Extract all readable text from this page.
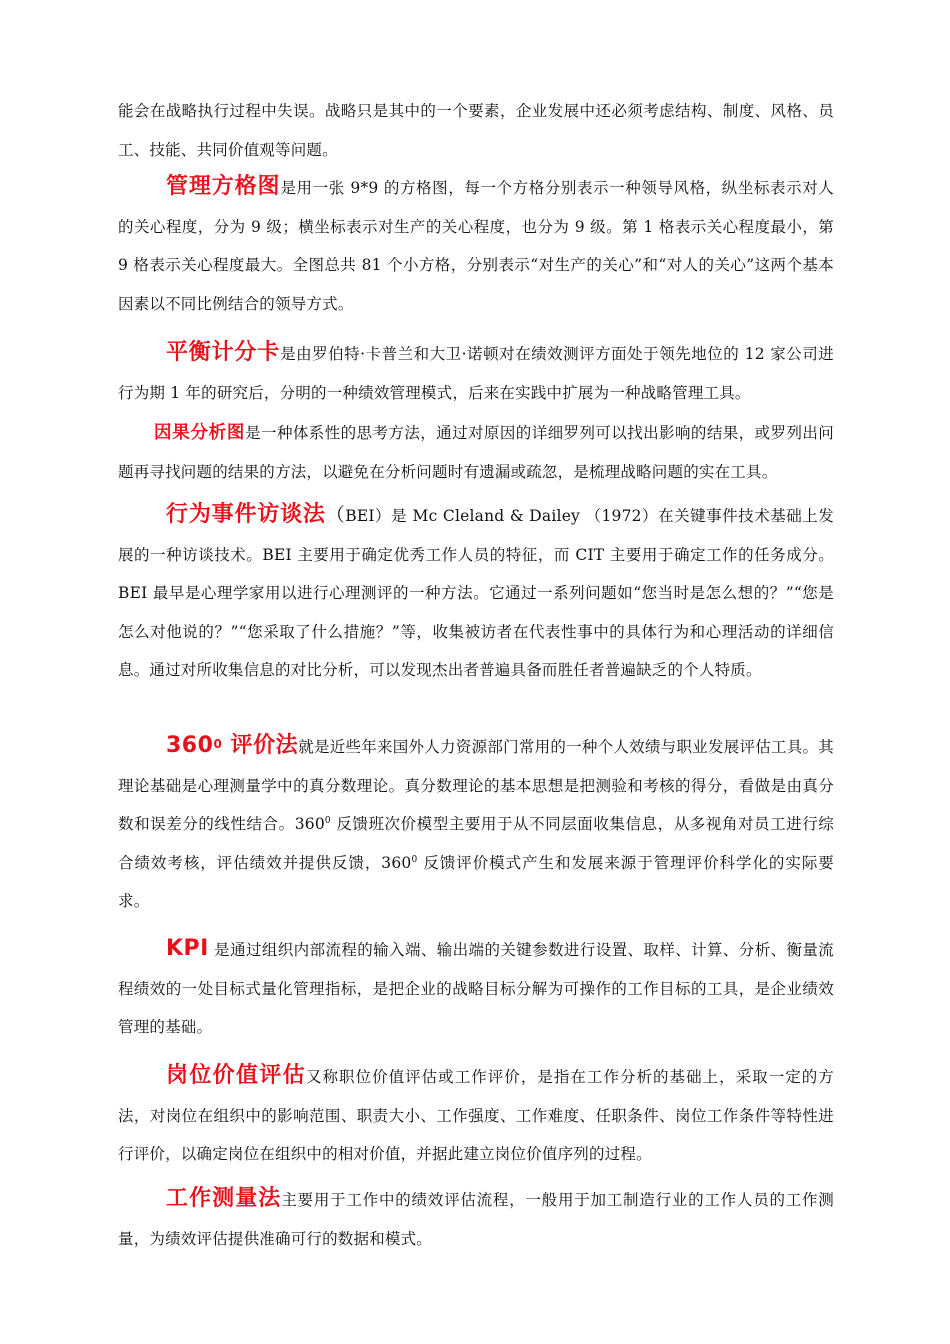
能会在战略执行过程中失误。战略只是其中的一个要素，企业发展中还必须考虑结构、制度、风格、员工、技能、共同价值观等问题。

管理方格图是用一张 9*9 的方格图，每一个方格分别表示一种领导风格，纵坐标表示对人的关心程度，分为 9 级；横坐标表示对生产的关心程度，也分为 9 级。第 1 格表示关心程度最小，第 9 格表示关心程度最大。全图总共 81 个小方格，分别表示“对生产的关心”和“对人的关心”这两个基本因素以不同比例结合的领导方式。

平衡计分卡是由罗伯特·卡普兰和大卫·诺顿对在绩效测评方面处于领先地位的 12 家公司进行为期 1 年的研究后，分明的一种绩效管理模式，后来在实践中扩展为一种战略管理工具。

因果分析图是一种体系性的思考方法，通过对原因的详细罗列可以找出影响的结果，或罗列出问题再寻找问题的结果的方法，以避免在分析问题时有遗漏或疏忽，是梳理战略问题的实在工具。

行为事件访谈法（BEI）是 Mc Cleland & Dailey （1972）在关键事件技术基础上发展的一种访谈技术。BEI 主要用于确定优秀工作人员的特征，而 CIT 主要用于确定工作的任务成分。BEI 最早是心理学家用以进行心理测评的一种方法。它通过一系列问题如“您当时是怎么想的？”“您是怎么对他说的？”“您采取了什么措施？”等，收集被访者在代表性事中的具体行为和心理活动的详细信息。通过对所收集信息的对比分析，可以发现杰出者普遍具备而胜任者普遍缺乏的个人特质。

$360^0$ 评价法就是近些年来国外人力资源部门常用的一种个人效绩与职业发展评估工具。其理论基础是心理测量学中的真分数理论。真分数理论的基本思想是把测验和考核的得分，看做是由真分数和误差分的线性结合。$360^0$ 反馈班次价模型主要用于从不同层面收集信息，从多视角对员工进行综合绩效考核，评估绩效并提供反馈，$360^0$ 反馈评价模式产生和发展来源于管理评价科学化的实际要求。

KPI 是通过组织内部流程的输入端、输出端的关键参数进行设置、取样、计算、分析、衡量流程绩效的一处目标式量化管理指标，是把企业的战略目标分解为可操作的工作目标的工具，是企业绩效管理的基础。

岗位价值评估又称职位价值评估或工作评价，是指在工作分析的基础上，采取一定的方法，对岗位在组织中的影响范围、职责大小、工作强度、工作难度、任职条件、岗位工作条件等特性进行评价，以确定岗位在组织中的相对价值，并据此建立岗位价值序列的过程。

工作测量法主要用于工作中的绩效评估流程，一般用于加工制造行业的工作人员的工作测量，为绩效评估提供准确可行的数据和模式。
